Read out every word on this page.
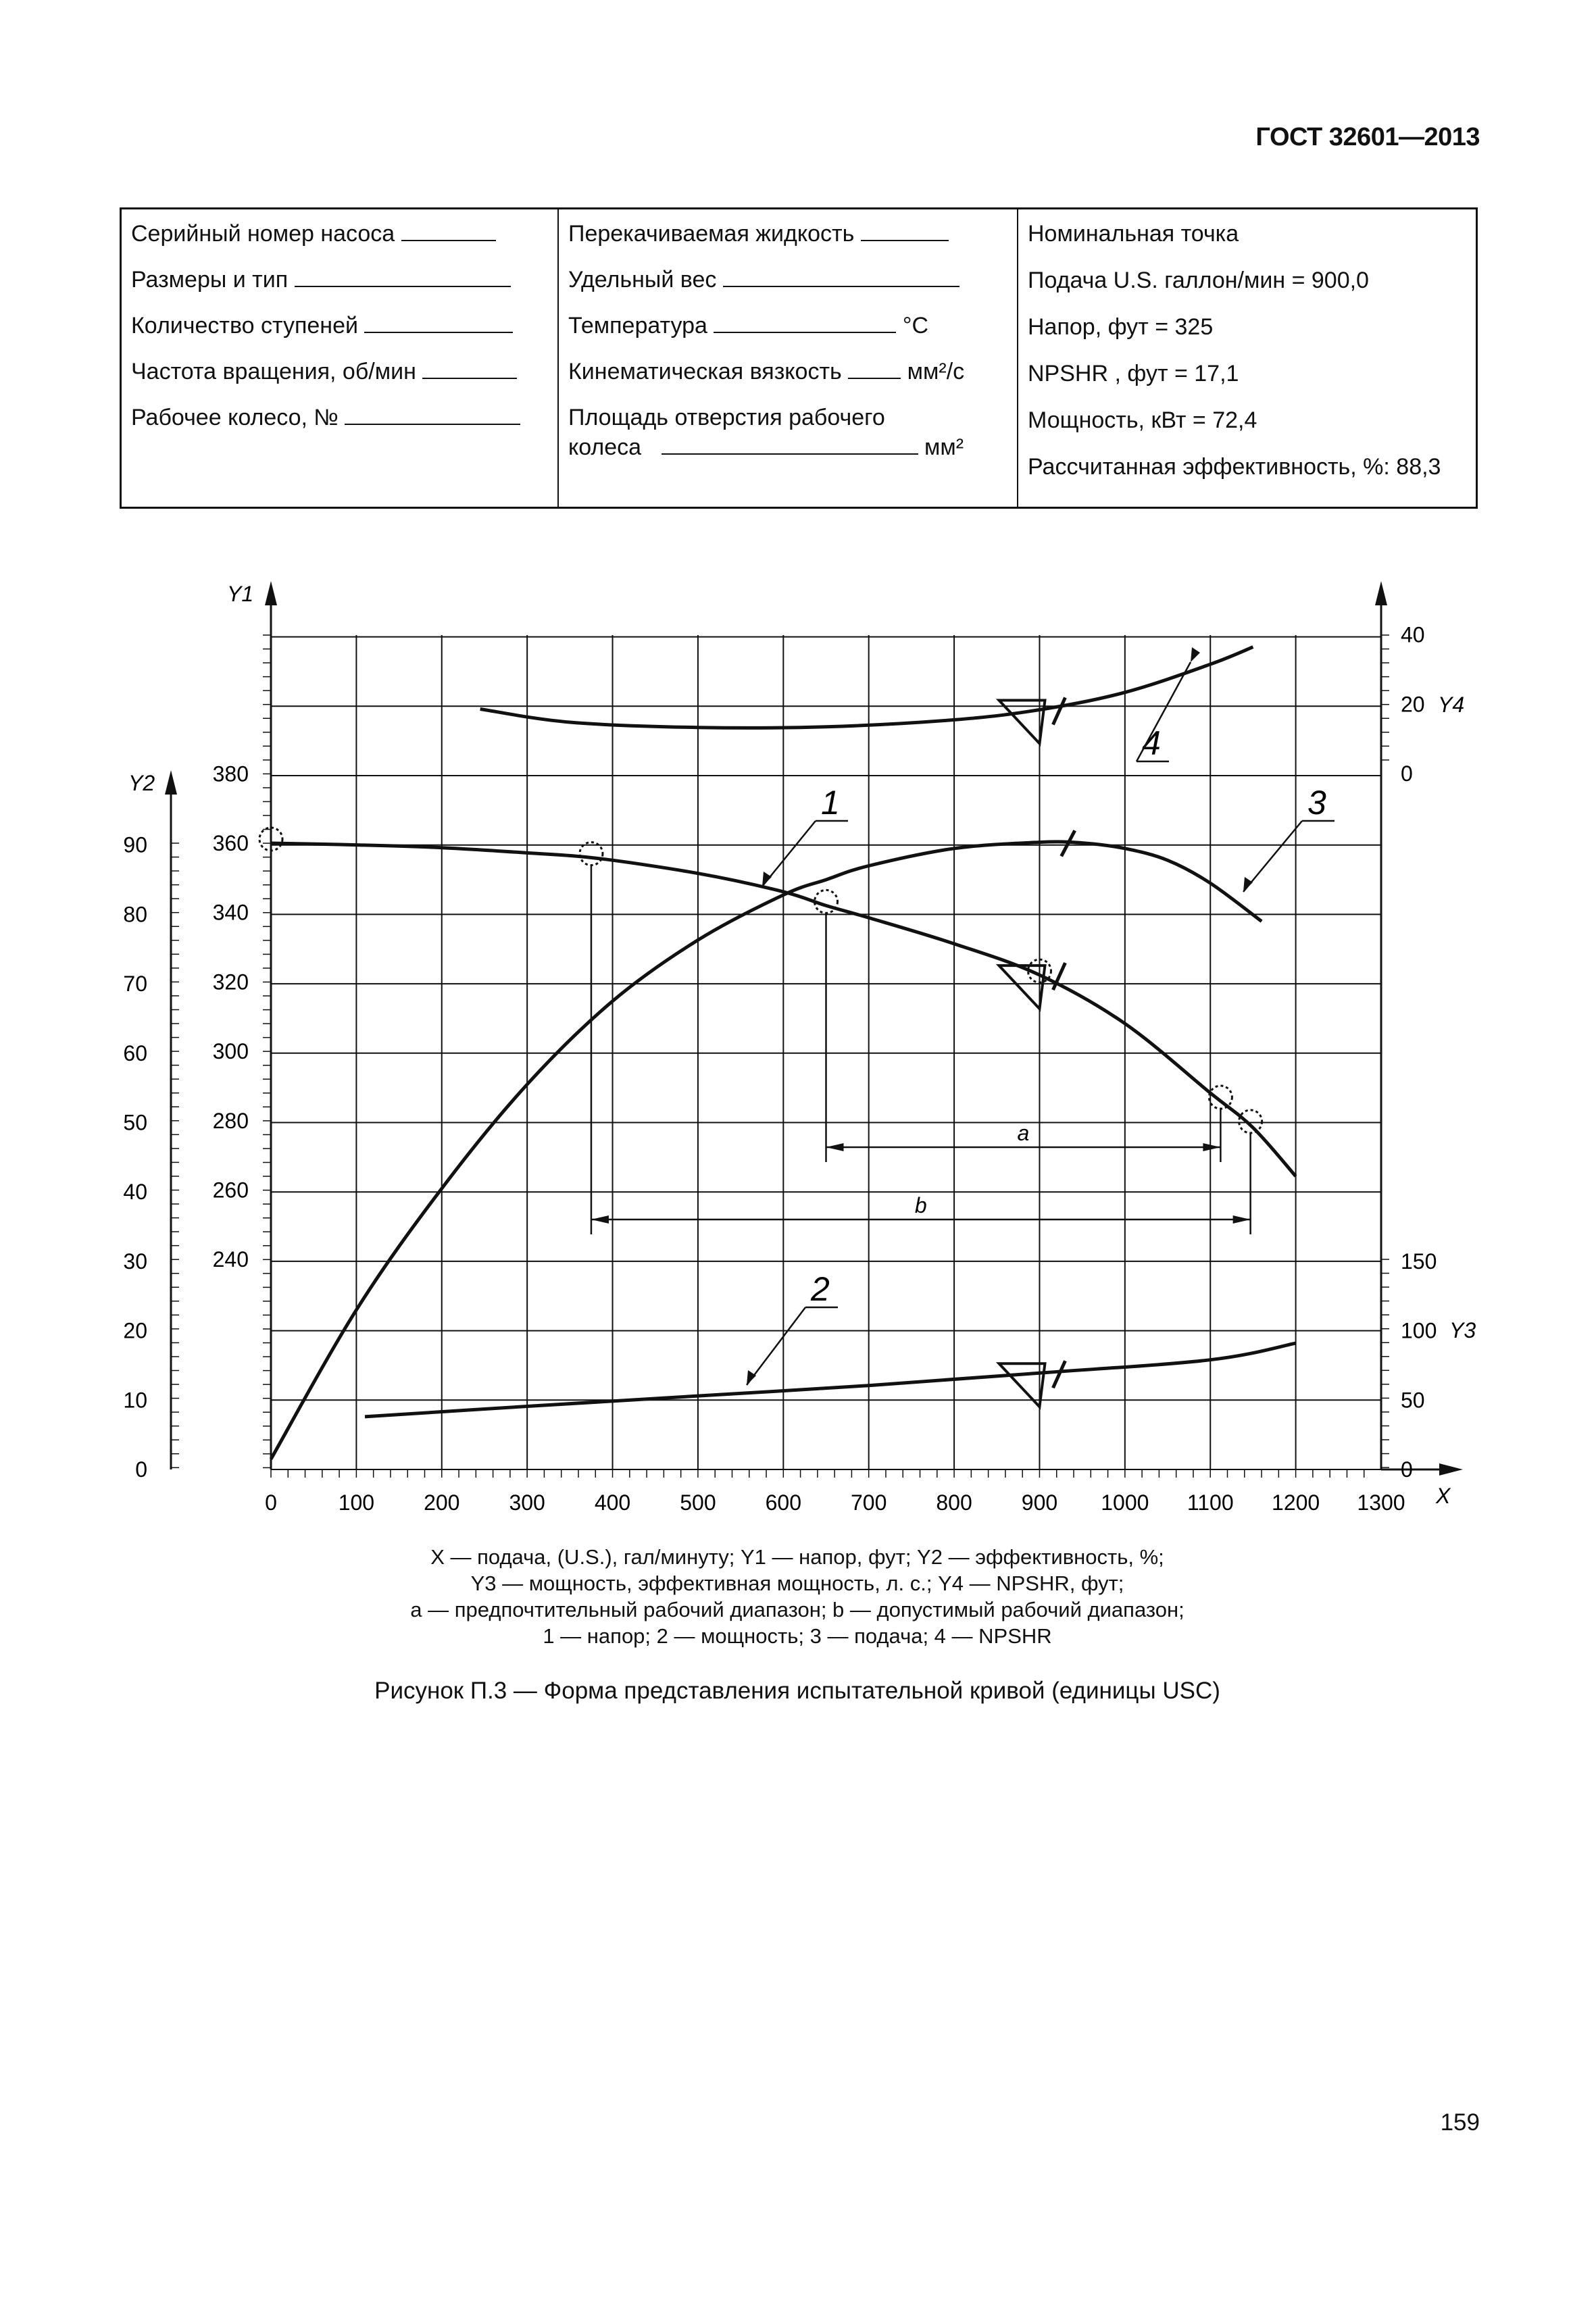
ГОСТ 32601—2013
Серийный номер насоса
Размеры и тип
Количество ступеней
Частота вращения, об/мин
Рабочее колесо, №
Перекачиваемая жидкость
Удельный вес
Температура	°C
Кинематическая вязкость	мм²/с
Площадь отверстия рабочего
колеса	мм²
Номинальная точка
Подача U.S. галлон/мин = 900,0
Напор, фут = 325
NPSHR , фут = 17,1
Мощность, кВт = 72,4
Рассчитанная эффективность, %: 88,3
0	100 200 300 400 500 600 700 800 900 1000 1100 1200 1300
240
260
280
300
320
340
360
380
0
10
20
30
40
50
60
70
80
90
0
50
100
150
0
20
40
Y1
Y2
Y3
Y4
X
a
b
1
2
3
4
X — подача, (U.S.), гал/минуту; Y1 — напор, фут; Y2 — эффективность, %;
Y3 — мощность, эффективная мощность, л. с.; Y4 — NPSHR, фут;
a — предпочтительный рабочий диапазон; b — допустимый рабочий диапазон;
1 — напор; 2 — мощность; 3 — подача; 4 — NPSHR
Рисунок П.3 — Форма представления испытательной кривой (единицы USC)
159
